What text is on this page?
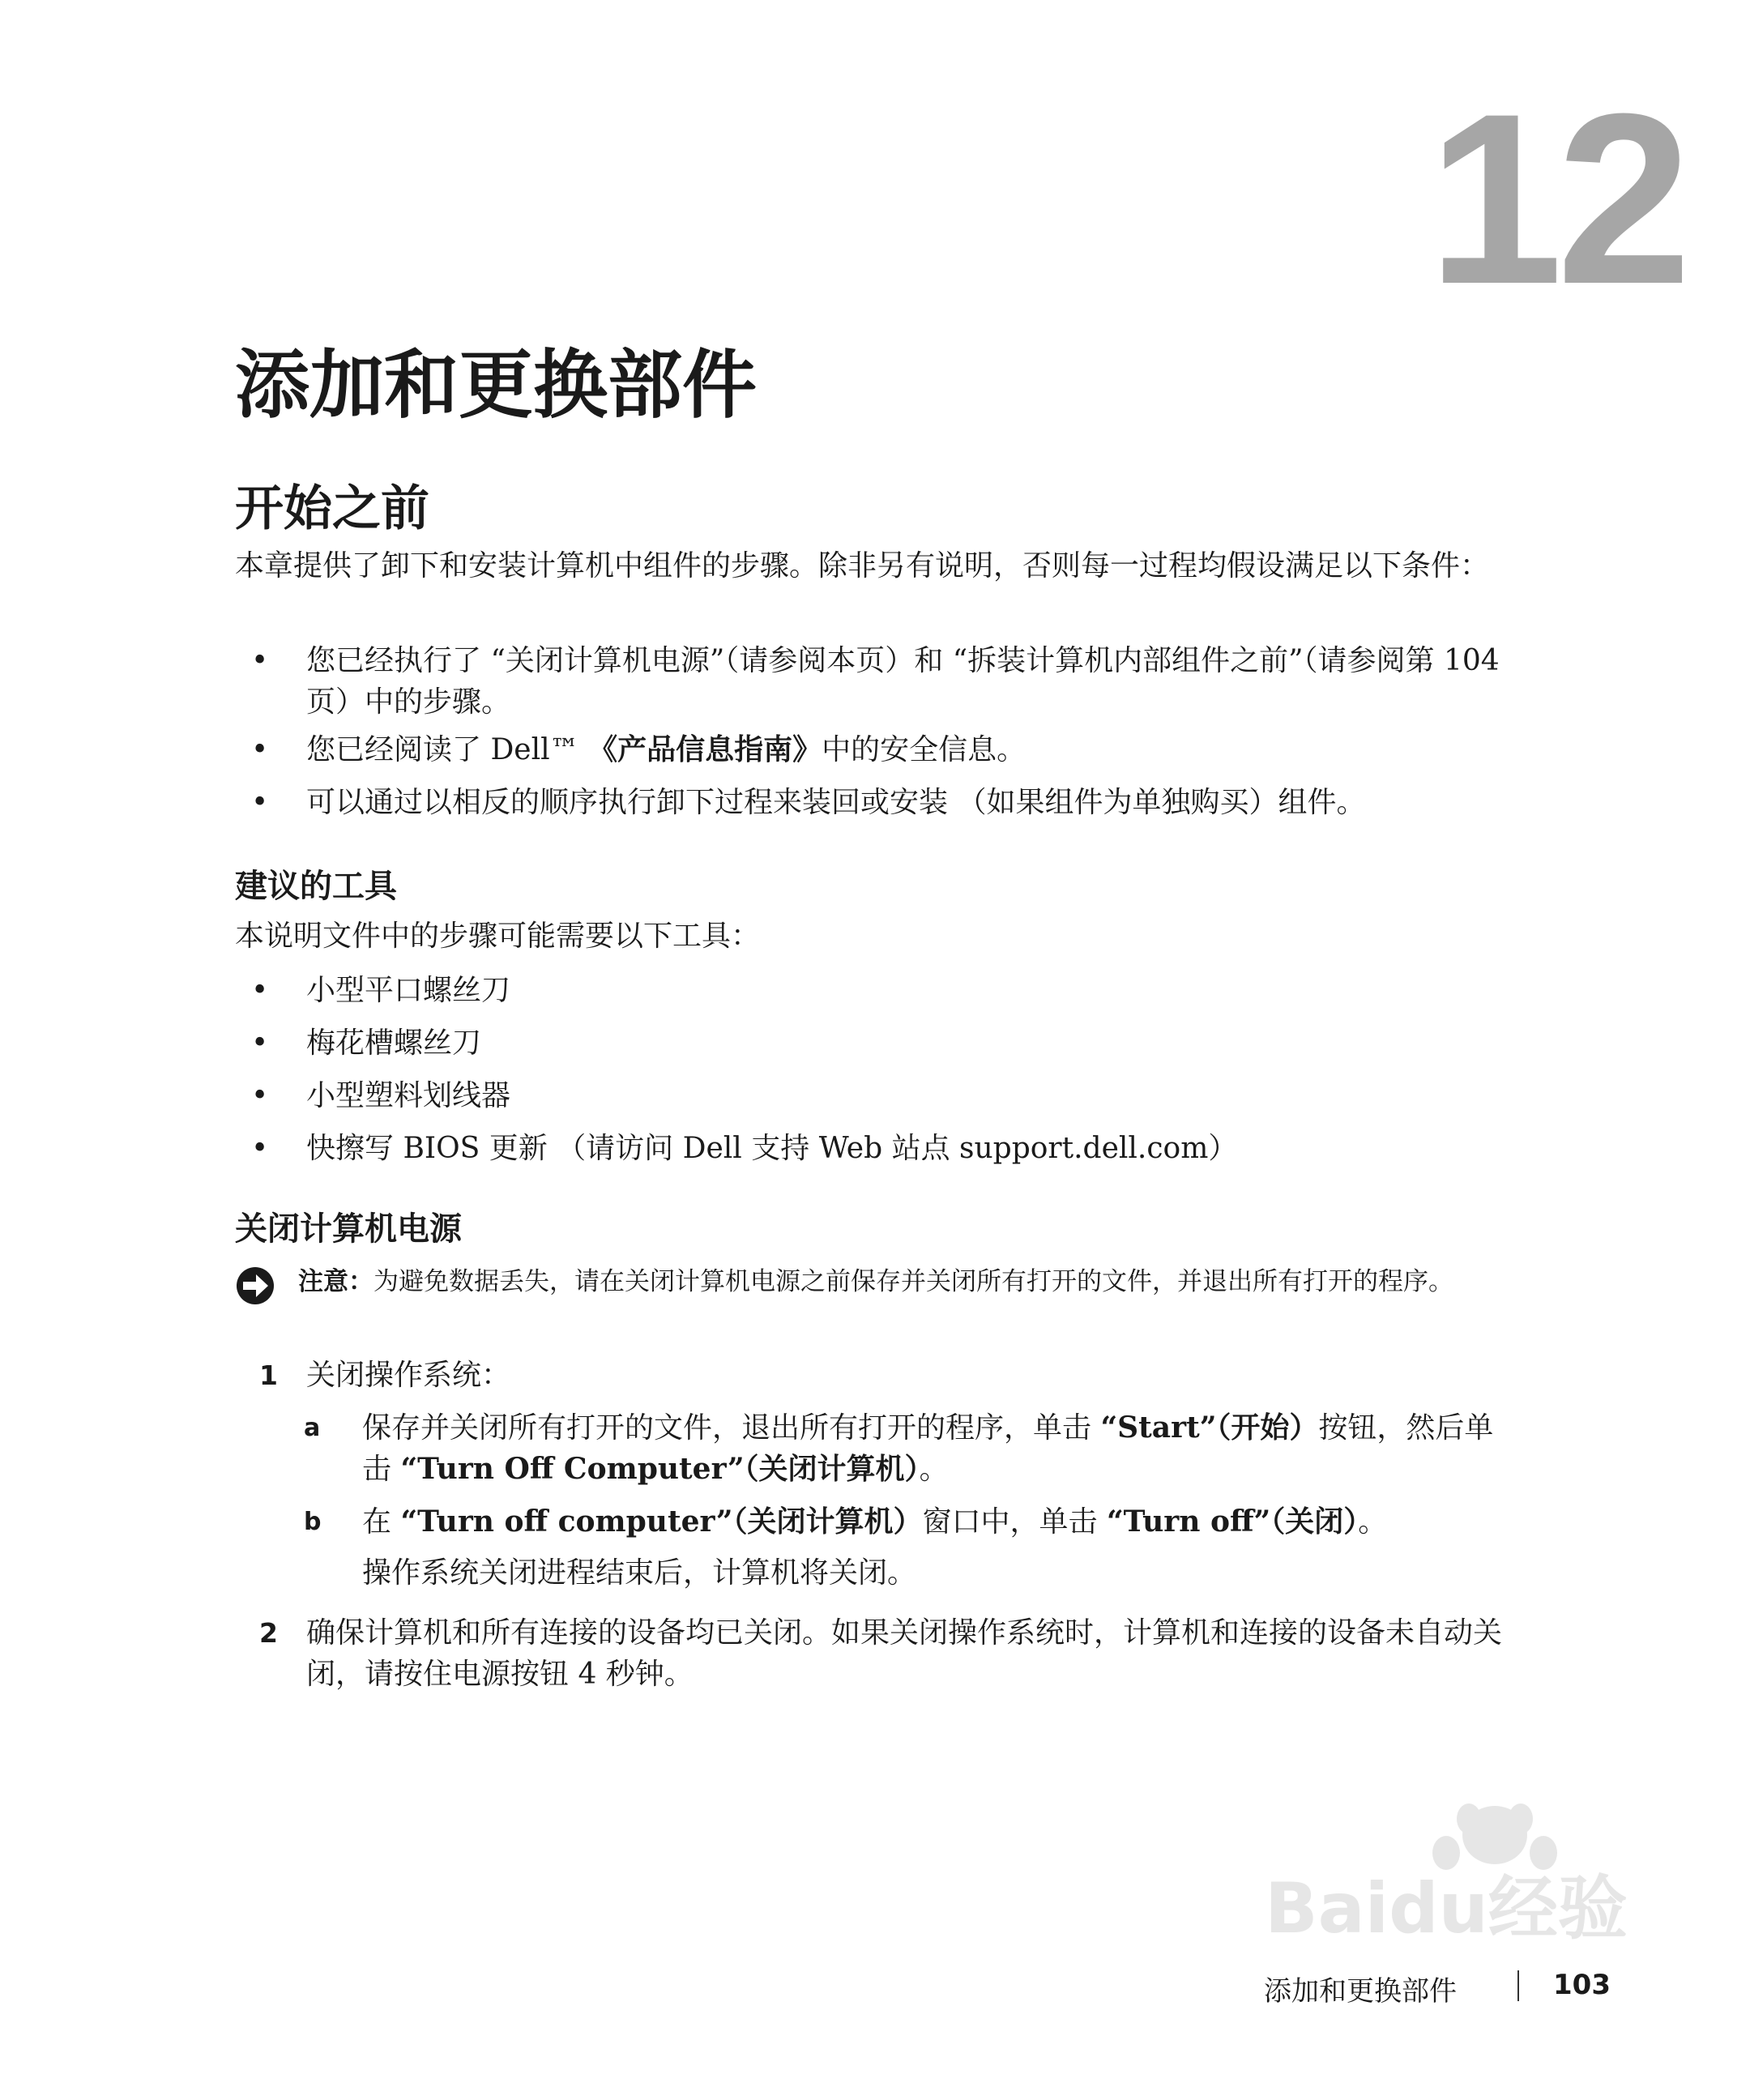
12
添加和更换部件
开始之前
本章提供了卸下和安装计算机中组件的步骤。除非另有说明，否则每一过程均假设满足以下条件：
• 您已经执行了 “关闭计算机电源”（请参阅本页）和 “拆装计算机内部组件之前”（请参阅第 104 页）中的步骤。
• 您已经阅读了 Dell™ 《产品信息指南》中的安全信息。
• 可以通过以相反的顺序执行卸下过程来装回或安装 （如果组件为单独购买）组件。
建议的工具
本说明文件中的步骤可能需要以下工具：
• 小型平口螺丝刀
• 梅花槽螺丝刀
• 小型塑料划线器
• 快擦写 BIOS 更新 （请访问 Dell 支持 Web 站点 support.dell.com）
关闭计算机电源
注意：为避免数据丢失，请在关闭计算机电源之前保存并关闭所有打开的文件，并退出所有打开的程序。
1 关闭操作系统：
a 保存并关闭所有打开的文件，退出所有打开的程序，单击 “Start”（开始）按钮，然后单击 “Turn Off Computer”（关闭计算机）。
b 在 “Turn off computer”（关闭计算机）窗口中，单击 “Turn off”（关闭）。
操作系统关闭进程结束后，计算机将关闭。
2 确保计算机和所有连接的设备均已关闭。如果关闭操作系统时，计算机和连接的设备未自动关闭，请按住电源按钮 4 秒钟。
Baidu经验
添加和更换部件	103
